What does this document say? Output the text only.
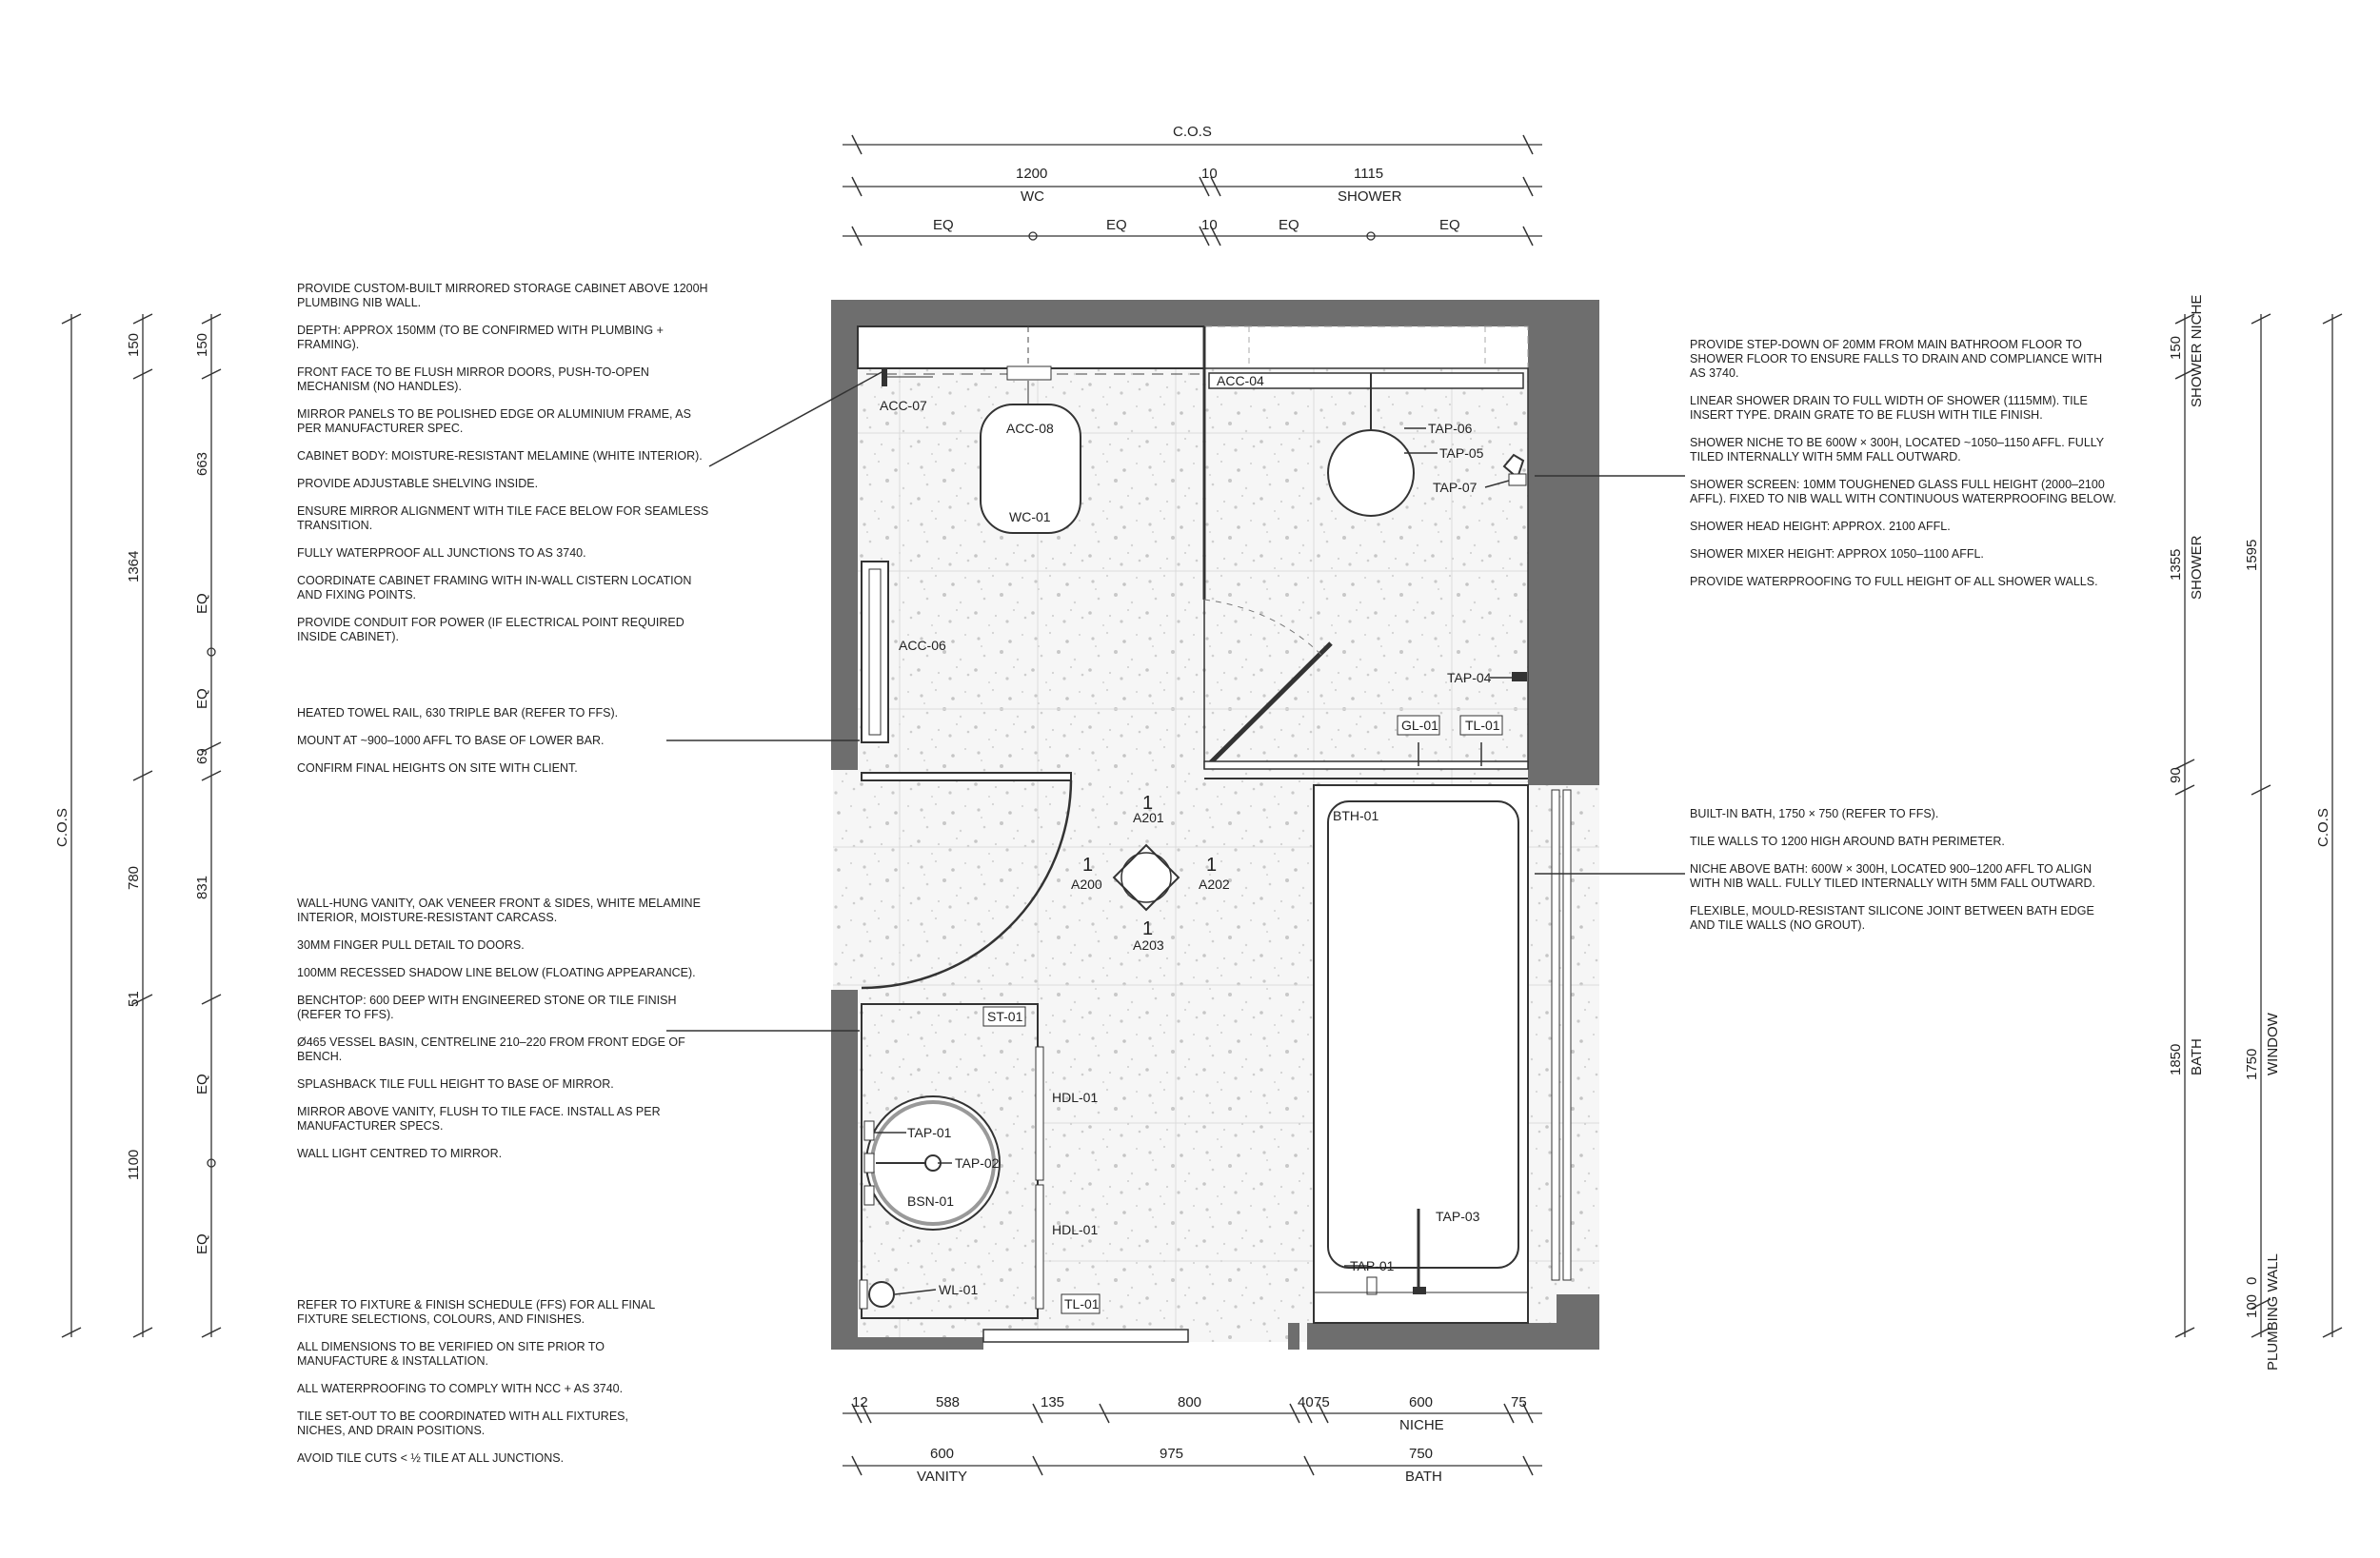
ACC-07
ACC-08
WC-01
ACC-06
ACC-04
TAP-06
TAP-05
TAP-07
TAP-04
GL-01 TL-01
BTH-01
TAP-03
TAP-01
ST-01
HDL-01
HDL-01
TAP-01
TAP-02
BSN-01
WL-01
TL-01
1
A201
1
A200
1
A202
1
A203
C.O.S
1200
WC
10	1115
SHOWER
EQ	EQ	10	EQ	EQ
12	588	135	800	40 75	600
NICHE
75
600
VANITY
975	750
BATH
C.O.S
150
1364
780
51
1100
150
663
EQ
EQ
69
831
EQ
EQ
150 SHOWER NICHE
1355 SHOWER
90
1850 BATH
1595
1750 WINDOW
100
0 PLUMBING WALL
C.O.S

PROVIDE CUSTOM-BUILT MIRRORED STORAGE CABINET ABOVE 1200H PLUMBING NIB WALL.

DEPTH: APPROX 150MM (TO BE CONFIRMED WITH PLUMBING + FRAMING).

FRONT FACE TO BE FLUSH MIRROR DOORS, PUSH-TO-OPEN MECHANISM (NO HANDLES).

MIRROR PANELS TO BE POLISHED EDGE OR ALUMINIUM FRAME, AS PER MANUFACTURER SPEC.

CABINET BODY: MOISTURE-RESISTANT MELAMINE (WHITE INTERIOR).

PROVIDE ADJUSTABLE SHELVING INSIDE.

ENSURE MIRROR ALIGNMENT WITH TILE FACE BELOW FOR SEAMLESS TRANSITION.

FULLY WATERPROOF ALL JUNCTIONS TO AS 3740.

COORDINATE CABINET FRAMING WITH IN-WALL CISTERN LOCATION AND FIXING POINTS.

PROVIDE CONDUIT FOR POWER (IF ELECTRICAL POINT REQUIRED INSIDE CABINET).

HEATED TOWEL RAIL, 630 TRIPLE BAR (REFER TO FFS).

MOUNT AT ~900–1000 AFFL TO BASE OF LOWER BAR.

CONFIRM FINAL HEIGHTS ON SITE WITH CLIENT.

WALL-HUNG VANITY, OAK VENEER FRONT & SIDES, WHITE MELAMINE INTERIOR, MOISTURE-RESISTANT CARCASS.

30MM FINGER PULL DETAIL TO DOORS.

100MM RECESSED SHADOW LINE BELOW (FLOATING APPEARANCE).

BENCHTOP: 600 DEEP WITH ENGINEERED STONE OR TILE FINISH (REFER TO FFS).

Ø465 VESSEL BASIN, CENTRELINE 210–220 FROM FRONT EDGE OF BENCH.

SPLASHBACK TILE FULL HEIGHT TO BASE OF MIRROR.

MIRROR ABOVE VANITY, FLUSH TO TILE FACE. INSTALL AS PER MANUFACTURER SPECS.

WALL LIGHT CENTRED TO MIRROR.

REFER TO FIXTURE & FINISH SCHEDULE (FFS) FOR ALL FINAL FIXTURE SELECTIONS, COLOURS, AND FINISHES.

ALL DIMENSIONS TO BE VERIFIED ON SITE PRIOR TO MANUFACTURE & INSTALLATION.

ALL WATERPROOFING TO COMPLY WITH NCC + AS 3740.

TILE SET-OUT TO BE COORDINATED WITH ALL FIXTURES, NICHES, AND DRAIN POSITIONS.

AVOID TILE CUTS < ½ TILE AT ALL JUNCTIONS.

PROVIDE STEP-DOWN OF 20MM FROM MAIN BATHROOM FLOOR TO SHOWER FLOOR TO ENSURE FALLS TO DRAIN AND COMPLIANCE WITH AS 3740.

LINEAR SHOWER DRAIN TO FULL WIDTH OF SHOWER (1115MM). TILE INSERT TYPE. DRAIN GRATE TO BE FLUSH WITH TILE FINISH.

SHOWER NICHE TO BE 600W × 300H, LOCATED ~1050–1150 AFFL. FULLY TILED INTERNALLY WITH 5MM FALL OUTWARD.

SHOWER SCREEN: 10MM TOUGHENED GLASS FULL HEIGHT (2000–2100 AFFL). FIXED TO NIB WALL WITH CONTINUOUS WATERPROOFING BELOW.

SHOWER HEAD HEIGHT: APPROX. 2100 AFFL.

SHOWER MIXER HEIGHT: APPROX 1050–1100 AFFL.

PROVIDE WATERPROOFING TO FULL HEIGHT OF ALL SHOWER WALLS.

BUILT-IN BATH, 1750 × 750 (REFER TO FFS).

TILE WALLS TO 1200 HIGH AROUND BATH PERIMETER.

NICHE ABOVE BATH: 600W × 300H, LOCATED 900–1200 AFFL TO ALIGN WITH NIB WALL. FULLY TILED INTERNALLY WITH 5MM FALL OUTWARD.

FLEXIBLE, MOULD-RESISTANT SILICONE JOINT BETWEEN BATH EDGE AND TILE WALLS (NO GROUT).
